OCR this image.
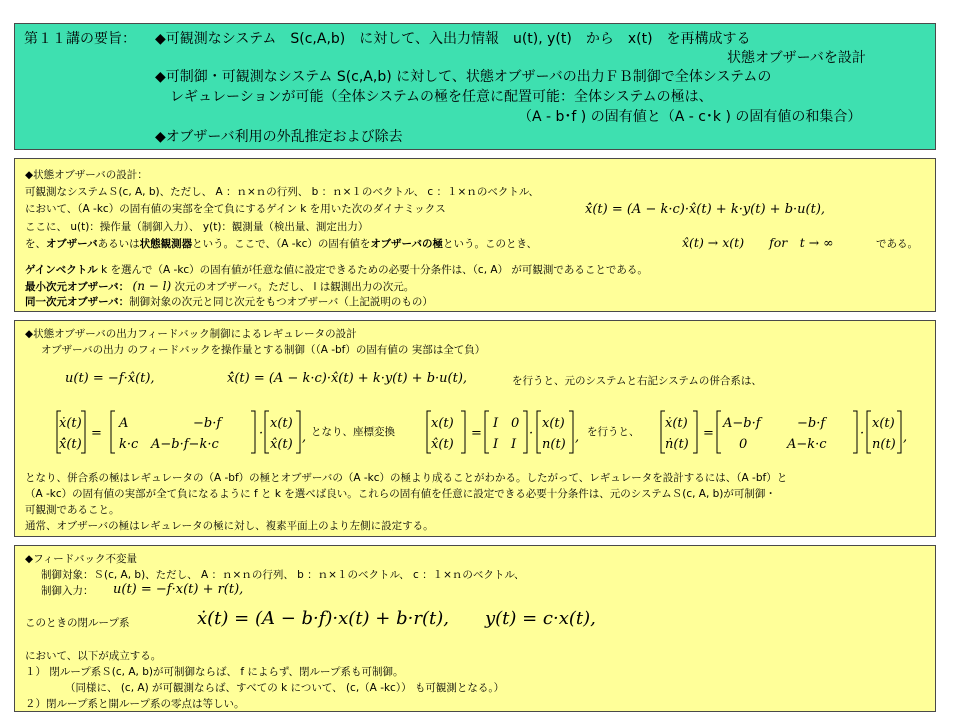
第１１講の要旨： ◆可観測なシステム　S(c,A,b)　に対して、入出力情報　u(t), y(t)　から　x(t)　を再構成する
状態オブザーバを設計
◆可制御・可観測なシステム S(c,A,b) に対して、状態オブザーバの出力ＦＢ制御で全体システムの
レギュレーションが可能（全体システムの極を任意に配置可能：全体システムの極は、
（A - b･f ) の固有値と（A - c･k ) の固有値の和集合）
◆オブザーバ利用の外乱推定および除去
◆状態オブザーバの設計：
可観測なシステムＳ(c, A, b)、ただし、 A ：ｎ×ｎの行列、 b ：ｎ×１のベクトル、 c ：１×ｎのベクトル、
において、（A -kc）の固有値の実部を全て負にするゲイン k を用いた次のダイナミックス	x̂̇(t) = (A − k·c)·x̂(t) + k·y(t) + b·u(t),
ここに、 u(t)：操作量（制御入力）、 y(t)：観測量（検出量、測定出力）
を、オブザーバあるいは状態観測器という。ここで、（A -kc）の固有値をオブザーバの極という。このとき、	x̂(t) → x(t)　　for　t → ∞	である。
ゲインベクトル k を選んで（A -kc）の固有値が任意な値に設定できるための必要十分条件は、（c, A） が可観測であることである。
最小次元オブザーバ： (n − l) 次元のオブザーバ。ただし、 l は観測出力の次元。
同一次元オブザーバ：制御対象の次元と同じ次元をもつオブザーバ（上記説明のもの）
◆状態オブザーバの出力フィードバック制御によるレギュレータの設計
オブザーバの出力 のフィードバックを操作量とする制御（（A -bf）の固有値の 実部は全て負）
u(t) = −f·x̂(t),	x̂̇(t) = (A − k·c)·x̂(t) + k·y(t) + b·u(t),	を行うと、元のシステムと右記システムの併合系は、
ẋ(t)
x̂̇(t)
=
A	−b·f
k·c A−b·f−k·c
·
x(t)
x̂(t) , となり、座標変換
x(t)
x̂(t)
=
I 0
I I
·
x(t)
n(t) , を行うと、
ẋ(t)
ṅ(t)
=
A−b·f	−b·f
0	A−k·c
·
x(t)
n(t) ,
となり、併合系の極はレギュレータの（A -bf）の極とオブザーバの（A -kc）の極より成ることがわかる。したがって、レギュレータを設計するには、（A -bf）と
（A -kc）の固有値の実部が全て負になるように f と k を選べば良い。これらの固有値を任意に設定できる必要十分条件は、元のシステムＳ(c, A, b)が可制御・
可観測であること。
通常、オブザーバの極はレギュレータの極に対し、複素平面上のより左側に設定する。
◆フィードバック不変量
制御対象：Ｓ(c, A, b)、ただし、 A ：ｎ×ｎの行列、 b ：ｎ×１のベクトル、 c ：１×ｎのベクトル、
制御入力： u(t) = −f·x(t) + r(t),
このときの閉ループ系	ẋ(t) = (A − b·f)·x(t) + b·r(t),　　y(t) = c·x(t),
において、以下が成立する。
１） 閉ループ系Ｓ(c, A, b)が可制御ならば、 f によらず、閉ループ系も可制御。
（同様に、 (c, A) が可観測ならば、すべての k について、 (c,（A -kc）） も可観測となる。）
２）閉ループ系と開ループ系の零点は等しい。
